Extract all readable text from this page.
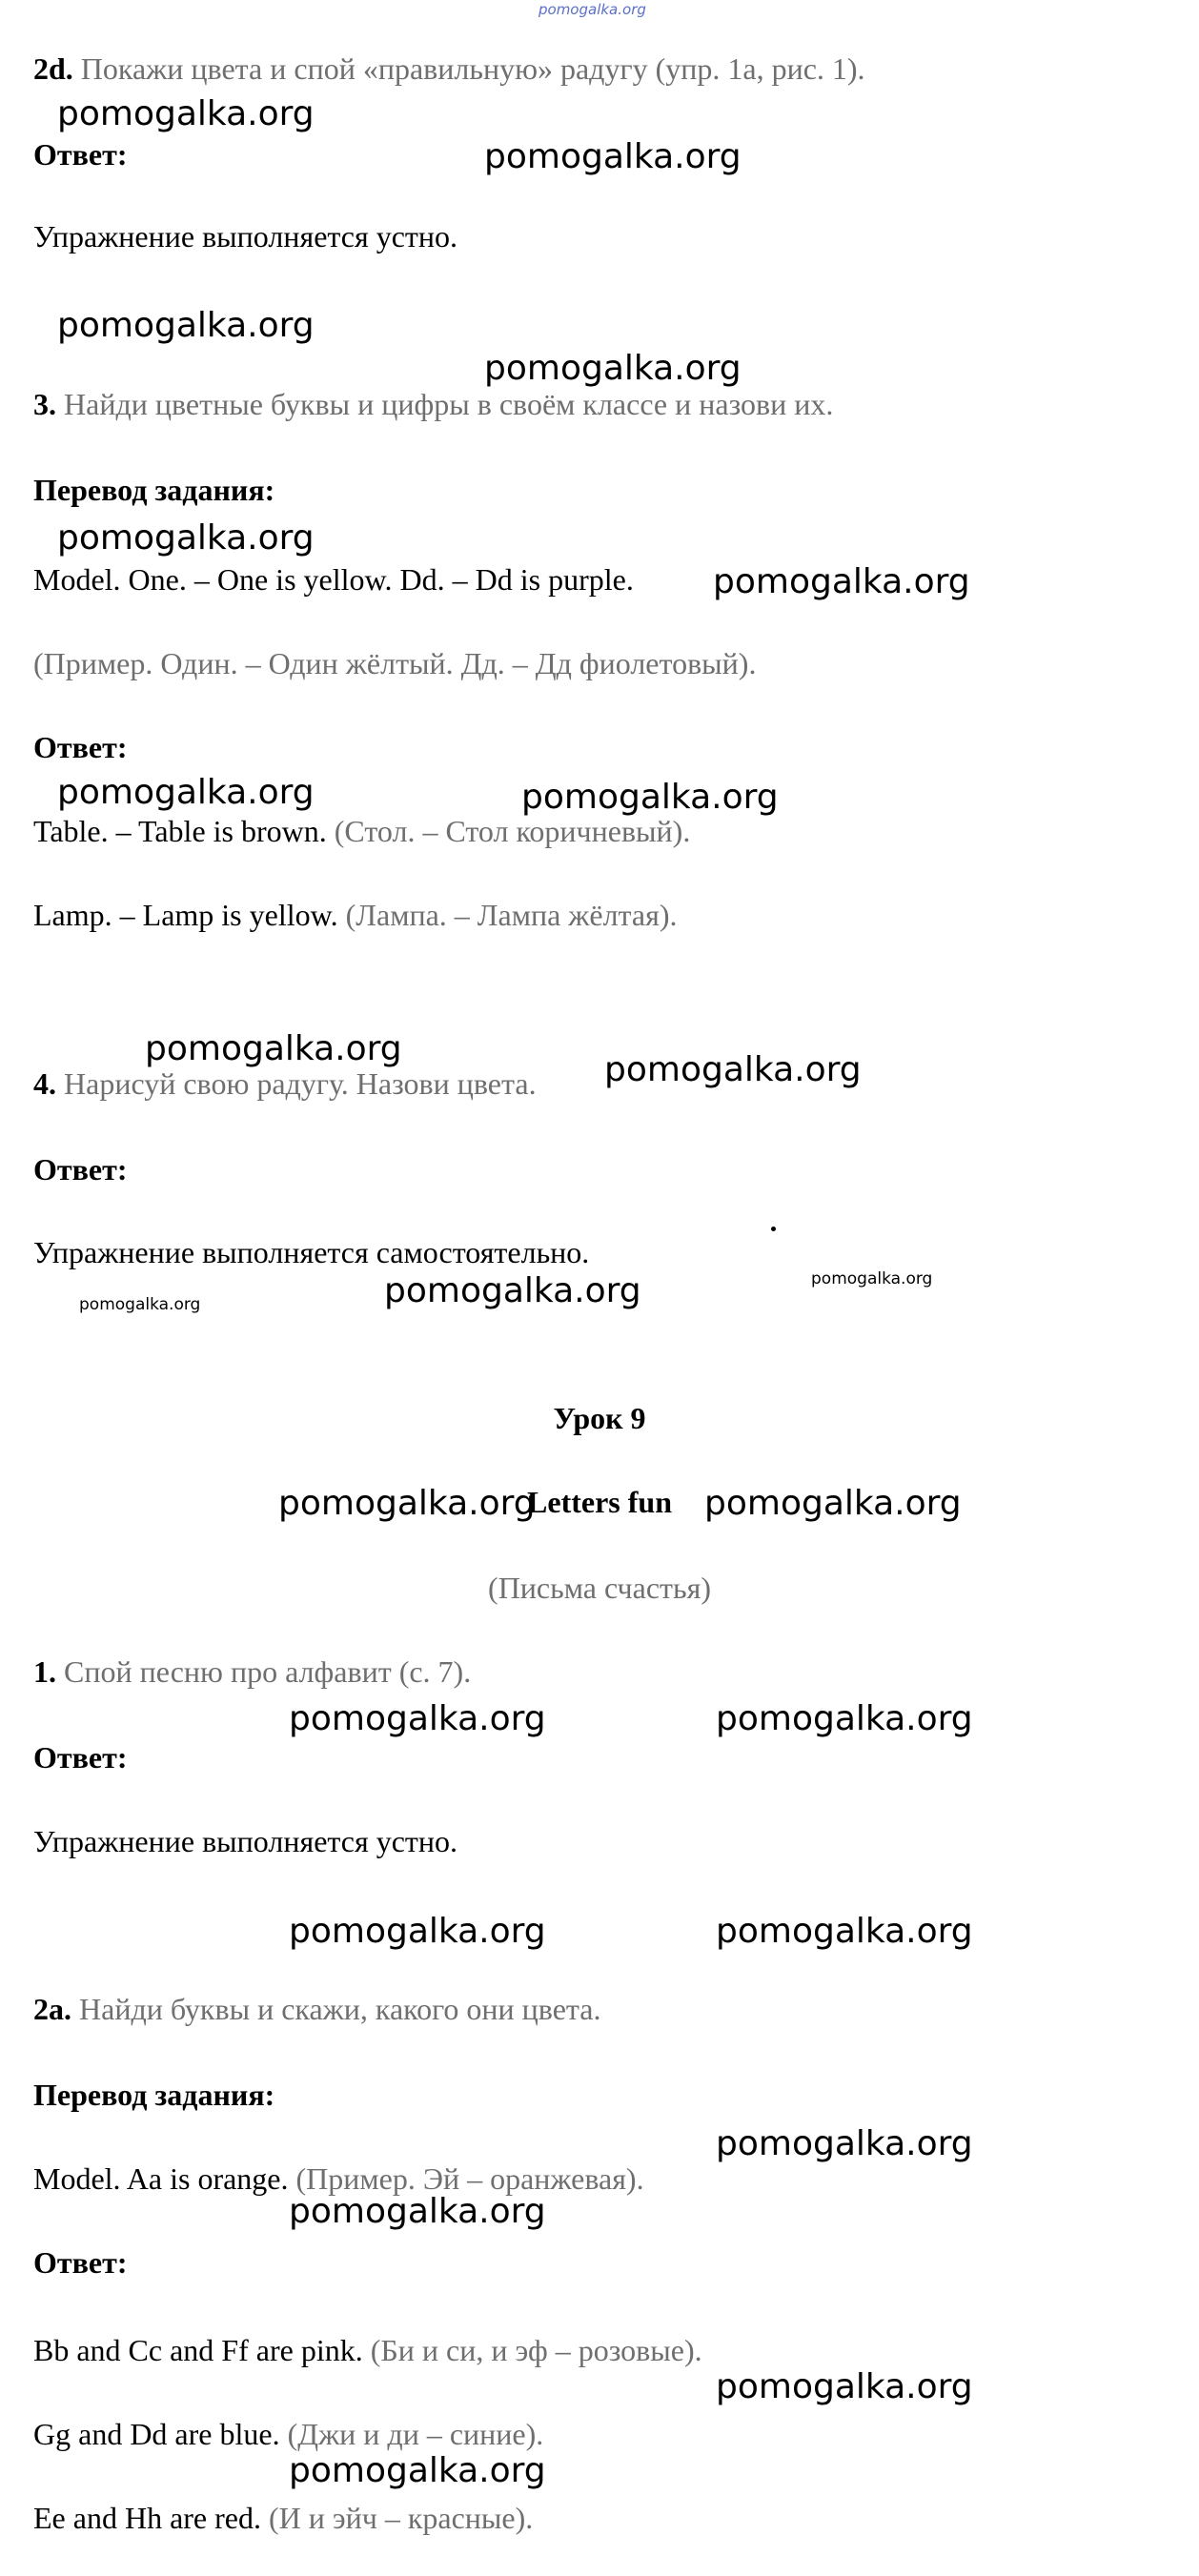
pomogalka.org
2d. Покажи цвета и спой «правильную» радугу (упр. 1а, рис. 1).
Ответ:
Упражнение выполняется устно.
3. Найди цветные буквы и цифры в своём классе и назови их.
Перевод задания:
Model. One. – One is yellow. Dd. – Dd is purple.
(Пример. Один. – Один жёлтый. Дд. – Дд фиолетовый).
Ответ:
Table. – Table is brown. (Стол. – Стол коричневый).
Lamp. – Lamp is yellow. (Лампа. – Лампа жёлтая).
4. Нарисуй свою радугу. Назови цвета.
Ответ:
Упражнение выполняется самостоятельно.
Урок 9
Letters fun
(Письма счастья)
1. Спой песню про алфавит (с. 7).
Ответ:
Упражнение выполняется устно.
2a. Найди буквы и скажи, какого они цвета.
Перевод задания:
Model. Aa is orange. (Пример. Эй – оранжевая).
Ответ:
Bb and Cc and Ff are pink. (Би и си, и эф – розовые).
Gg and Dd are blue. (Джи и ди – синие).
Ee and Hh are red. (И и эйч – красные).
pomogalka.org
pomogalka.org
pomogalka.org
pomogalka.org
pomogalka.org
pomogalka.org
pomogalka.org	pomogalka.org
pomogalka.org
pomogalka.org
pomogalka.org
pomogalka.org	pomogalka.org
pomogalka.org	pomogalka.org
pomogalka.org	pomogalka.org
pomogalka.org
pomogalka.org
pomogalka.org
pomogalka.org
pomogalka.org
pomogalka.org
